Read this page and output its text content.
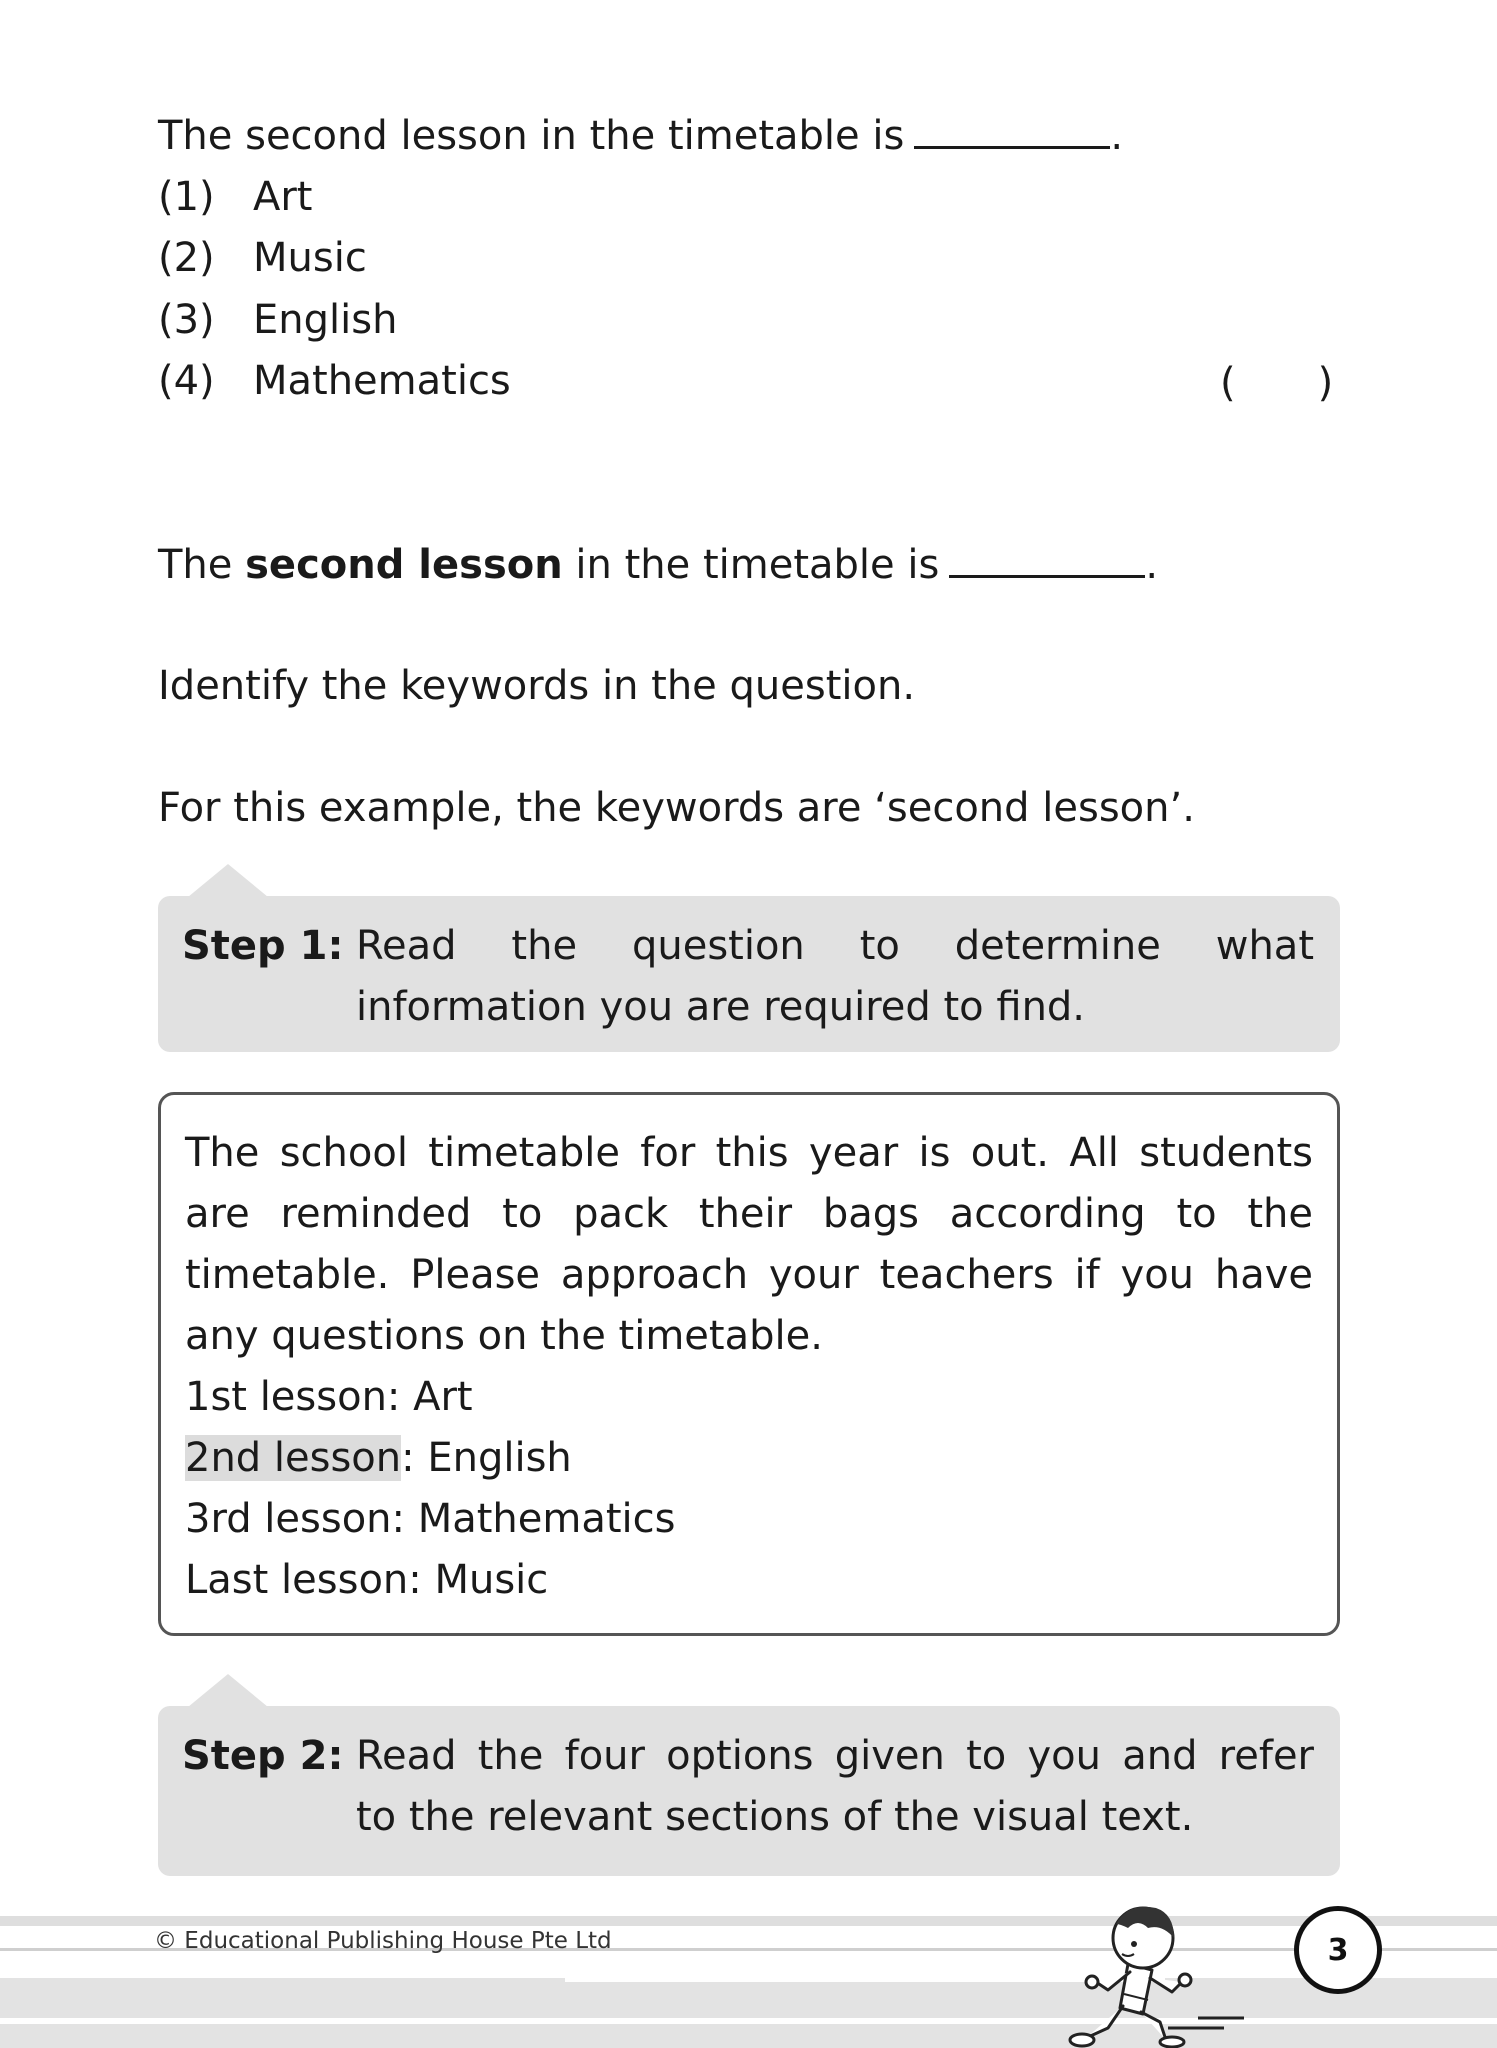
The second lesson in the timetable is	.
(1) Art
(2) Music
(3) English
(4) Mathematics	( )
The second lesson in the timetable is	.
Identify the keywords in the question.
For this example, the keywords are ‘second lesson’.
Step 1: Read the question to determine what
information you are required to find.
The school timetable for this year is out. All students
are reminded to pack their bags according to the
timetable. Please approach your teachers if you have
any questions on the timetable.
1st lesson: Art
2nd lesson: English
3rd lesson: Mathematics
Last lesson: Music
Step 2: Read the four options given to you and refer
to the relevant sections of the visual text.
© Educational Publishing House Pte Ltd	3
